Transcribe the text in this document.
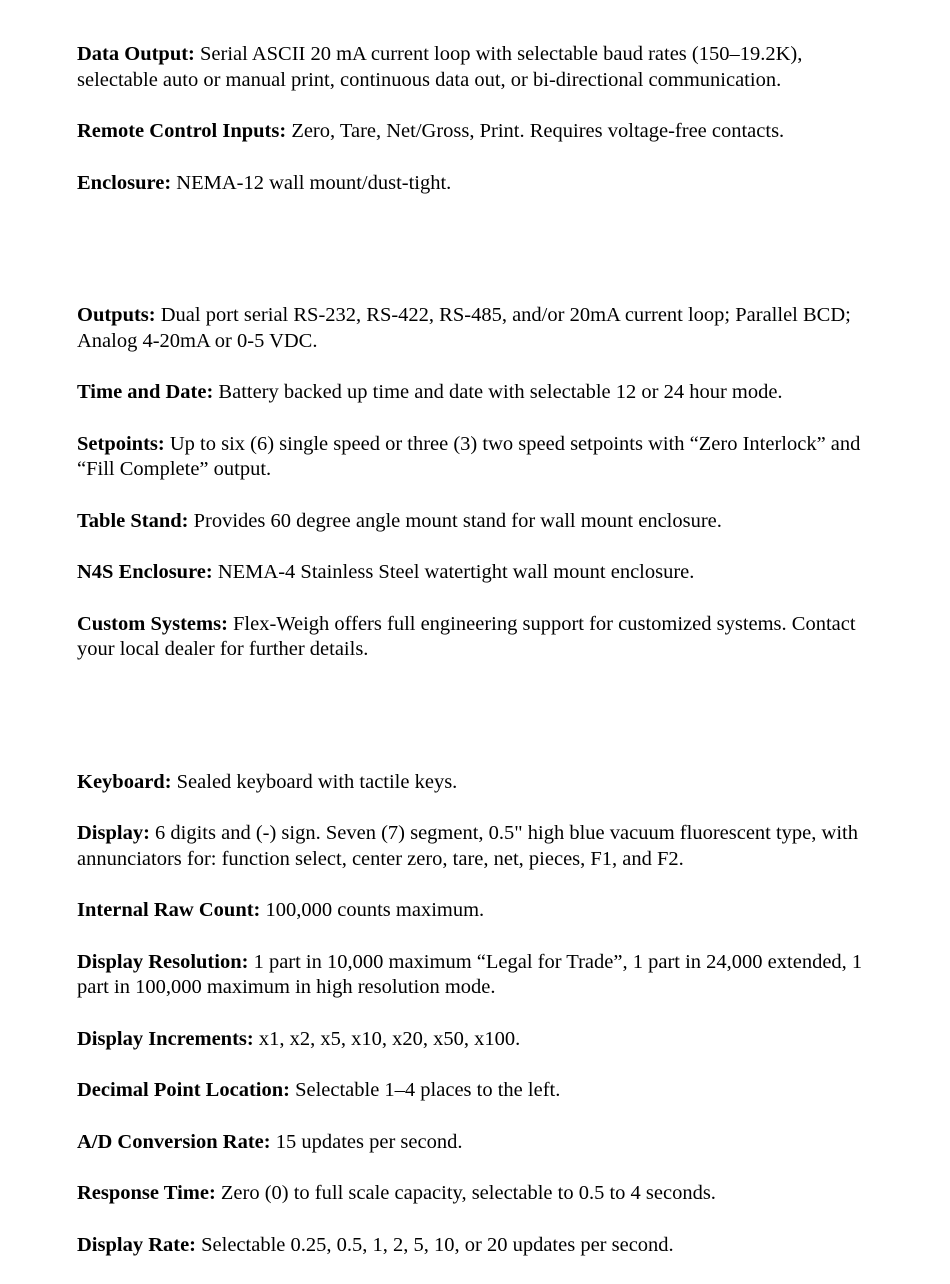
Data Output: Serial ASCII 20 mA current loop with selectable baud rates (150–19.2K), selectable auto or manual print, continuous data out, or bi-directional communication.

Remote Control Inputs: Zero, Tare, Net/Gross, Print. Requires voltage-free contacts.

Enclosure: NEMA-12 wall mount/dust-tight.

Outputs: Dual port serial RS-232, RS-422, RS-485, and/or 20mA current loop; Parallel BCD; Analog 4-20mA or 0-5 VDC.

Time and Date: Battery backed up time and date with selectable 12 or 24 hour mode.

Setpoints: Up to six (6) single speed or three (3) two speed setpoints with “Zero Interlock” and “Fill Complete” output.

Table Stand: Provides 60 degree angle mount stand for wall mount enclosure.

N4S Enclosure: NEMA-4 Stainless Steel watertight wall mount enclosure.

Custom Systems: Flex-Weigh offers full engineering support for customized systems. Contact your local dealer for further details.

Keyboard: Sealed keyboard with tactile keys.

Display: 6 digits and (-) sign. Seven (7) segment, 0.5" high blue vacuum fluorescent type, with annunciators for: function select, center zero, tare, net, pieces, F1, and F2.

Internal Raw Count: 100,000 counts maximum.

Display Resolution: 1 part in 10,000 maximum “Legal for Trade”, 1 part in 24,000 extended, 1 part in 100,000 maximum in high resolution mode.

Display Increments: x1, x2, x5, x10, x20, x50, x100.

Decimal Point Location: Selectable 1–4 places to the left.

A/D Conversion Rate: 15 updates per second.

Response Time: Zero (0) to full scale capacity, selectable to 0.5 to 4 seconds.

Display Rate: Selectable 0.25, 0.5, 1, 2, 5, 10, or 20 updates per second.
